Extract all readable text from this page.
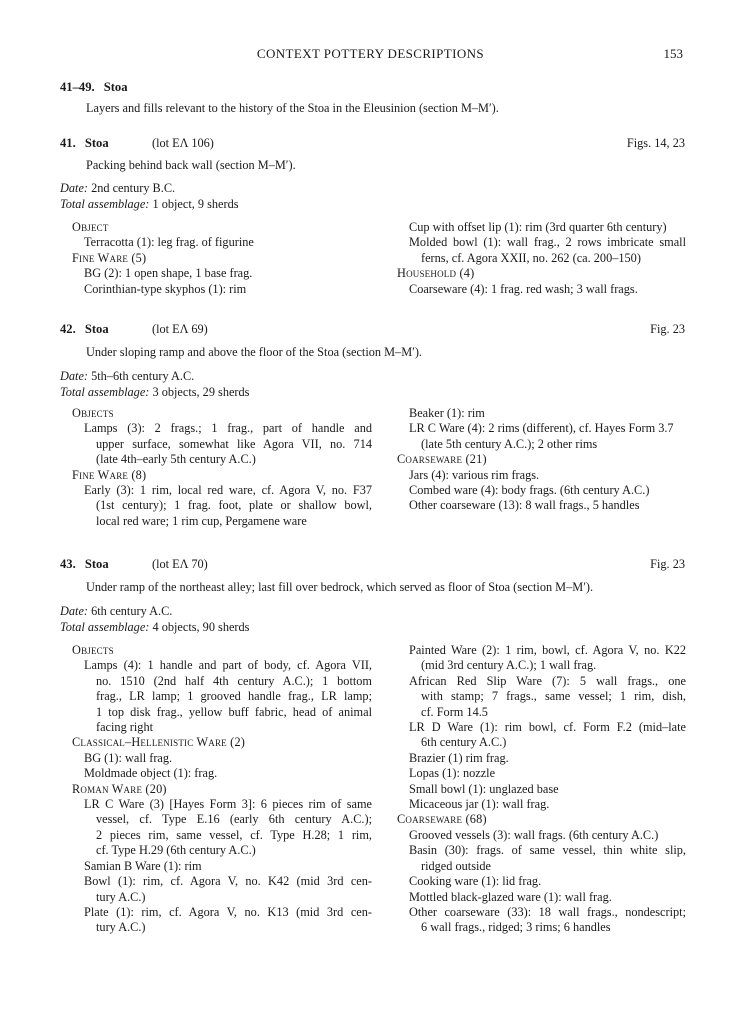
CONTEXT POTTERY DESCRIPTIONS	153
41–49. Stoa
Layers and fills relevant to the history of the Stoa in the Eleusinion (section M–M′).
41. Stoa	(lot ΕΛ 106)	Figs. 14, 23
Packing behind back wall (section M–M′).
Date: 2nd century B.C.
Total assemblage: 1 object, 9 sherds
Object
Terracotta (1): leg frag. of figurine
Fine Ware (5)
BG (2): 1 open shape, 1 base frag.
Corinthian-type skyphos (1): rim
Cup with offset lip (1): rim (3rd quarter 6th century)
Molded bowl (1): wall frag., 2 rows imbricate small
ferns, cf. Agora XXII, no. 262 (ca. 200–150)
Household (4)
Coarseware (4): 1 frag. red wash; 3 wall frags.
42. Stoa	(lot ΕΛ 69)	Fig. 23
Under sloping ramp and above the floor of the Stoa (section M–M′).
Date: 5th–6th century A.C.
Total assemblage: 3 objects, 29 sherds
Objects
Lamps (3): 2 frags.; 1 frag., part of handle and
upper surface, somewhat like Agora VII, no. 714
(late 4th–early 5th century A.C.)
Fine Ware (8)
Early (3): 1 rim, local red ware, cf. Agora V, no. F37
(1st century); 1 frag. foot, plate or shallow bowl,
local red ware; 1 rim cup, Pergamene ware
Beaker (1): rim
LR C Ware (4): 2 rims (different), cf. Hayes Form 3.7
(late 5th century A.C.); 2 other rims
Coarseware (21)
Jars (4): various rim frags.
Combed ware (4): body frags. (6th century A.C.)
Other coarseware (13): 8 wall frags., 5 handles
43. Stoa	(lot ΕΛ 70)	Fig. 23
Under ramp of the northeast alley; last fill over bedrock, which served as floor of Stoa (section M–M′).
Date: 6th century A.C.
Total assemblage: 4 objects, 90 sherds
Objects
Lamps (4): 1 handle and part of body, cf. Agora VII,
no. 1510 (2nd half 4th century A.C.); 1 bottom
frag., LR lamp; 1 grooved handle frag., LR lamp;
1 top disk frag., yellow buff fabric, head of animal
facing right
Classical–Hellenistic Ware (2)
BG (1): wall frag.
Moldmade object (1): frag.
Roman Ware (20)
LR C Ware (3) [Hayes Form 3]: 6 pieces rim of same
vessel, cf. Type E.16 (early 6th century A.C.);
2 pieces rim, same vessel, cf. Type H.28; 1 rim,
cf. Type H.29 (6th century A.C.)
Samian B Ware (1): rim
Bowl (1): rim, cf. Agora V, no. K42 (mid 3rd cen-
tury A.C.)
Plate (1): rim, cf. Agora V, no. K13 (mid 3rd cen-
tury A.C.)
Painted Ware (2): 1 rim, bowl, cf. Agora V, no. K22
(mid 3rd century A.C.); 1 wall frag.
African Red Slip Ware (7): 5 wall frags., one
with stamp; 7 frags., same vessel; 1 rim, dish,
cf. Form 14.5
LR D Ware (1): rim bowl, cf. Form F.2 (mid–late
6th century A.C.)
Brazier (1) rim frag.
Lopas (1): nozzle
Small bowl (1): unglazed base
Micaceous jar (1): wall frag.
Coarseware (68)
Grooved vessels (3): wall frags. (6th century A.C.)
Basin (30): frags. of same vessel, thin white slip,
ridged outside
Cooking ware (1): lid frag.
Mottled black-glazed ware (1): wall frag.
Other coarseware (33): 18 wall frags., nondescript;
6 wall frags., ridged; 3 rims; 6 handles
